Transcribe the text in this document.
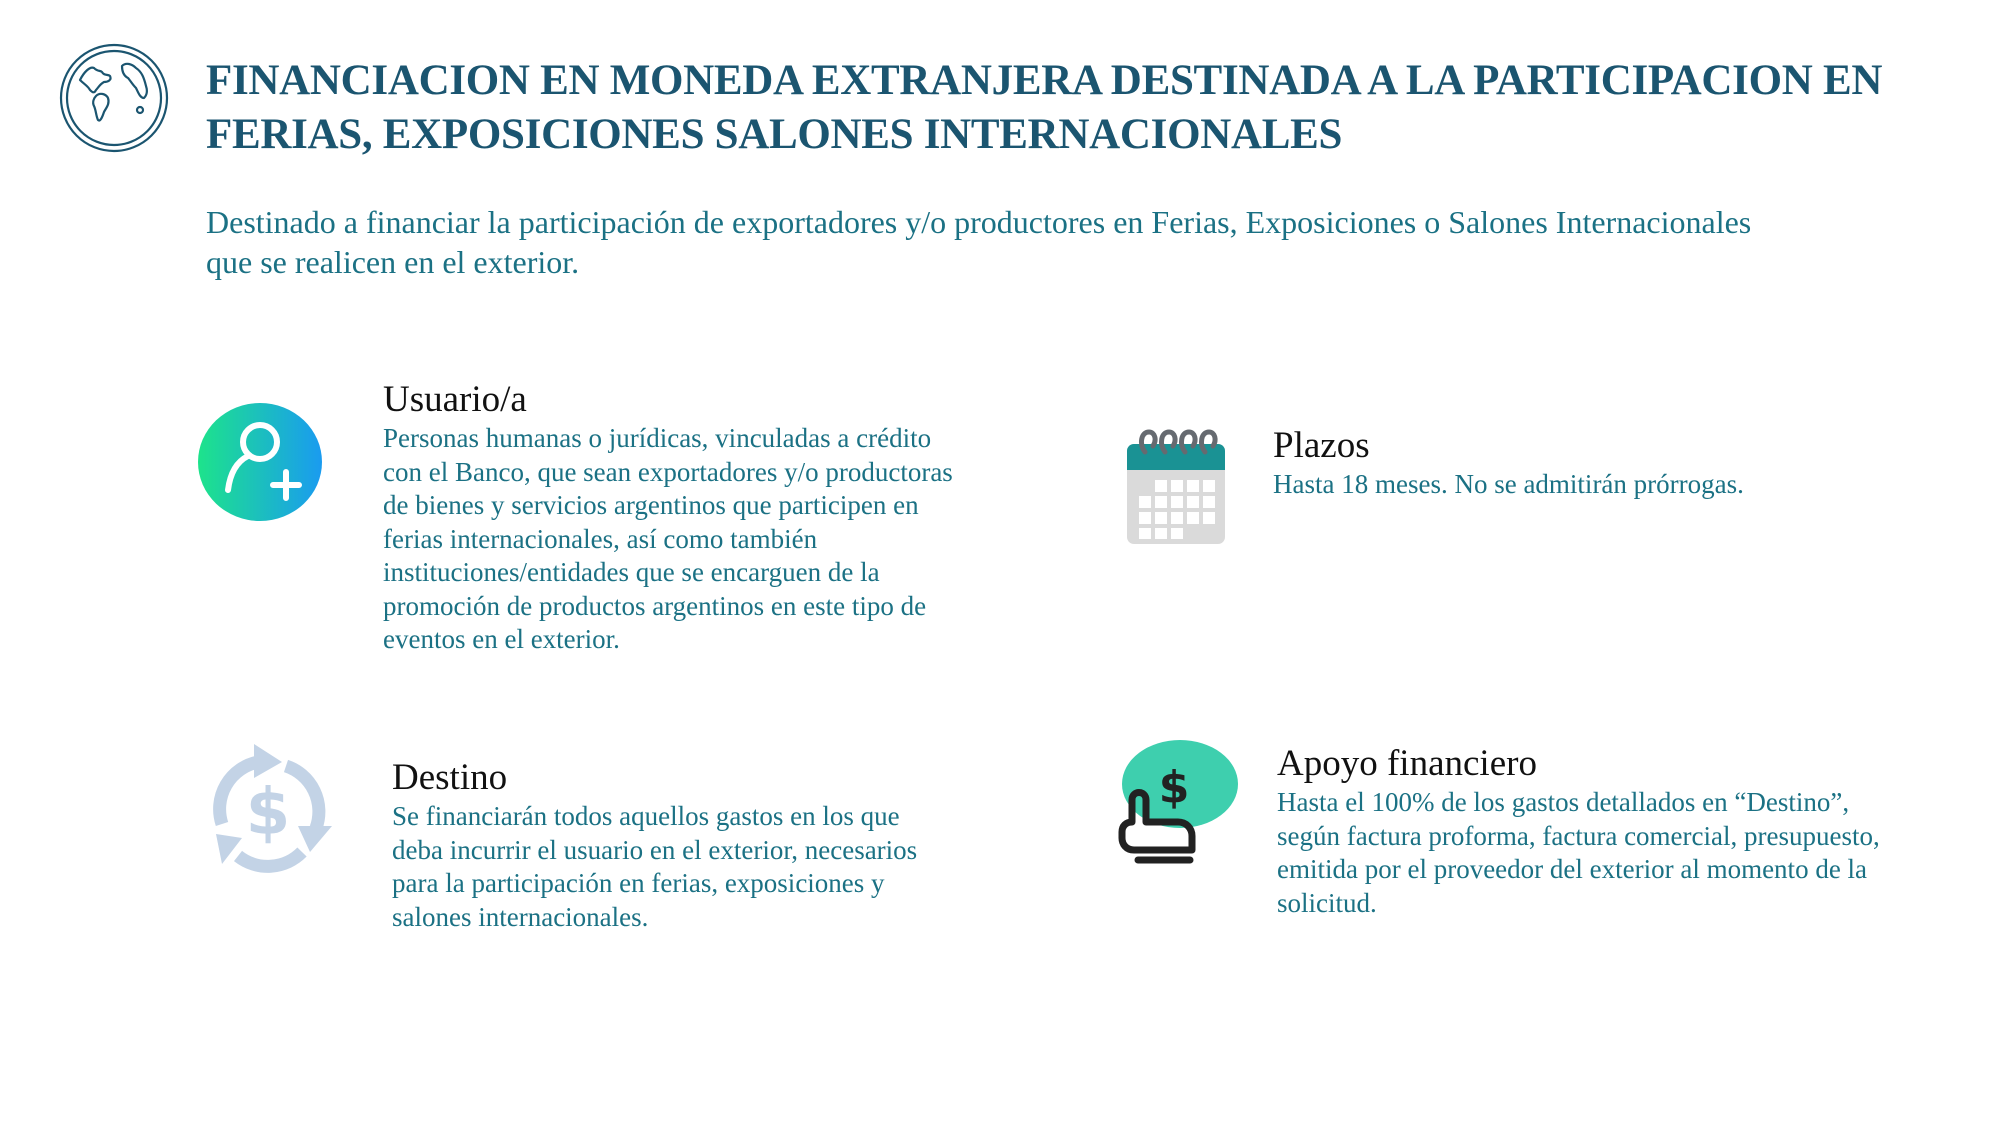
FINANCIACION EN MONEDA EXTRANJERA DESTINADA A LA PARTICIPACION EN
FERIAS, EXPOSICIONES SALONES INTERNACIONALES
Destinado a financiar la participación de exportadores y/o productores en Ferias, Exposiciones o Salones Internacionales
que se realicen en el exterior.
Usuario/a
Personas humanas o jurídicas, vinculadas a crédito
con el Banco, que sean exportadores y/o productoras
de bienes y servicios argentinos que participen en
ferias internacionales, así como también
instituciones/entidades que se encarguen de la
promoción de productos argentinos en este tipo de
eventos en el exterior.
Plazos
Hasta 18 meses. No se admitirán prórrogas.
$	Destino
Se financiarán todos aquellos gastos en los que
deba incurrir el usuario en el exterior, necesarios
para la participación en ferias, exposiciones y
salones internacionales.
$ Apoyo financiero
Hasta el 100% de los gastos detallados en “Destino”,
según factura proforma, factura comercial, presupuesto,
emitida por el proveedor del exterior al momento de la
solicitud.
